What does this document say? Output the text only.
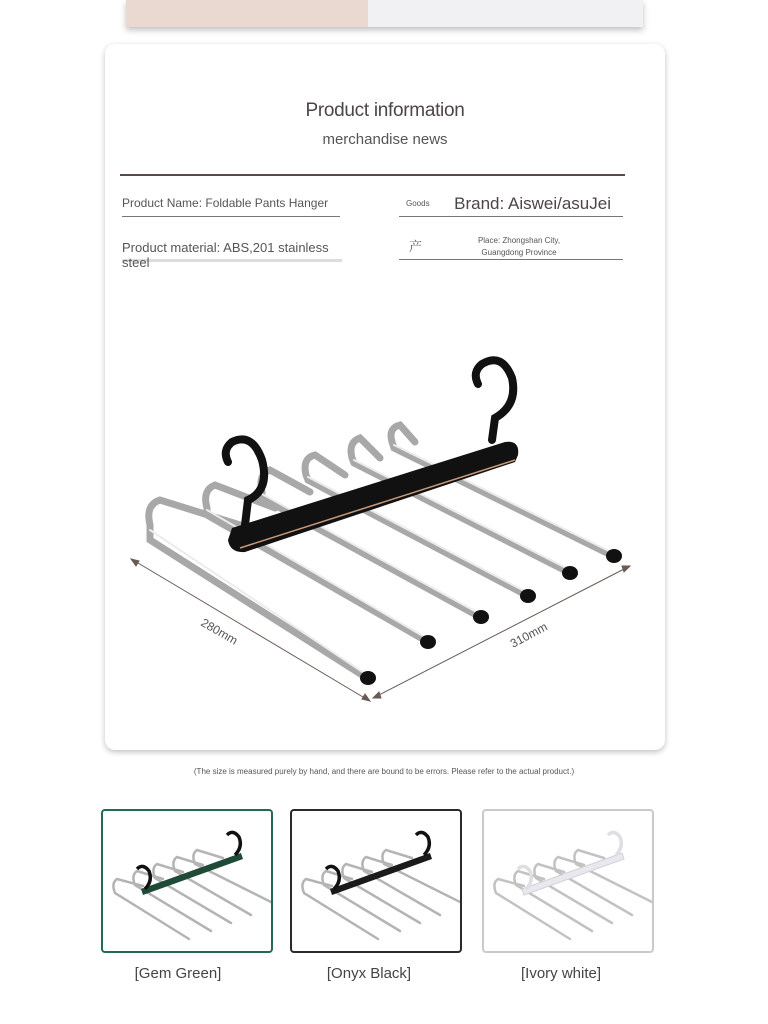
Product information
merchandise news
Product Name: Foldable Pants Hanger
Product material: ABS,201 stainless steel
Goods Brand: Aiswei/asuJei
产	Place: Zhongshan City, Guangdong Province
280mm	310mm
(The size is measured purely by hand, and there are bound to be errors. Please refer to the actual product.)
[Gem Green]	[Onyx Black]	[Ivory white]
